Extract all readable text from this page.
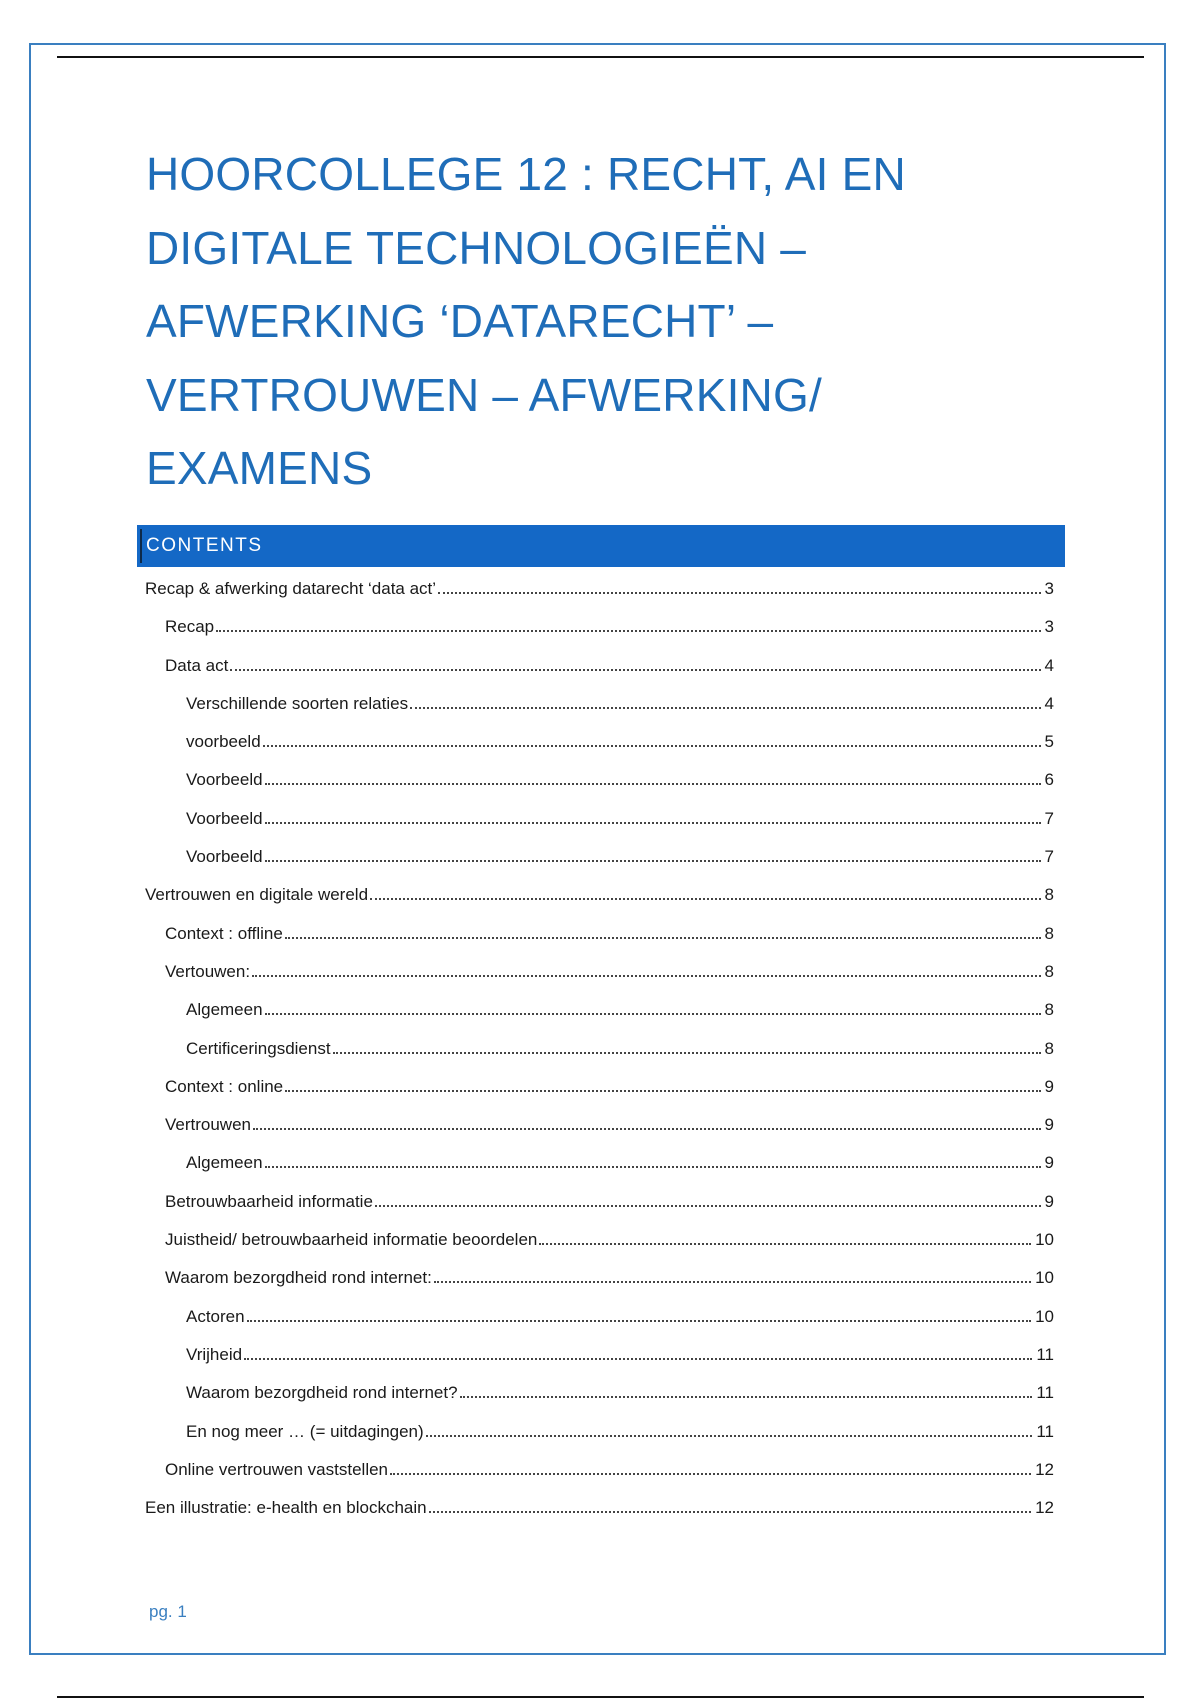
HOORCOLLEGE 12 : RECHT, AI EN
DIGITALE TECHNOLOGIEËN –
AFWERKING ‘DATARECHT’ –
VERTROUWEN – AFWERKING/
EXAMENS
CONTENTS
Recap & afwerking datarecht ‘data act’	3
Recap	3
Data act	4
Verschillende soorten relaties	4
voorbeeld	5
Voorbeeld	6
Voorbeeld	7
Voorbeeld	7
Vertrouwen en digitale wereld	8
Context : offline	8
Vertouwen:	8
Algemeen	8
Certificeringsdienst	8
Context : online	9
Vertrouwen	9
Algemeen	9
Betrouwbaarheid informatie	9
Juistheid/ betrouwbaarheid informatie beoordelen	10
Waarom bezorgdheid rond internet:	10
Actoren	10
Vrijheid	11
Waarom bezorgdheid rond internet?	11
En nog meer … (= uitdagingen)	11
Online vertrouwen vaststellen	12
Een illustratie: e-health en blockchain	12
pg. 1
